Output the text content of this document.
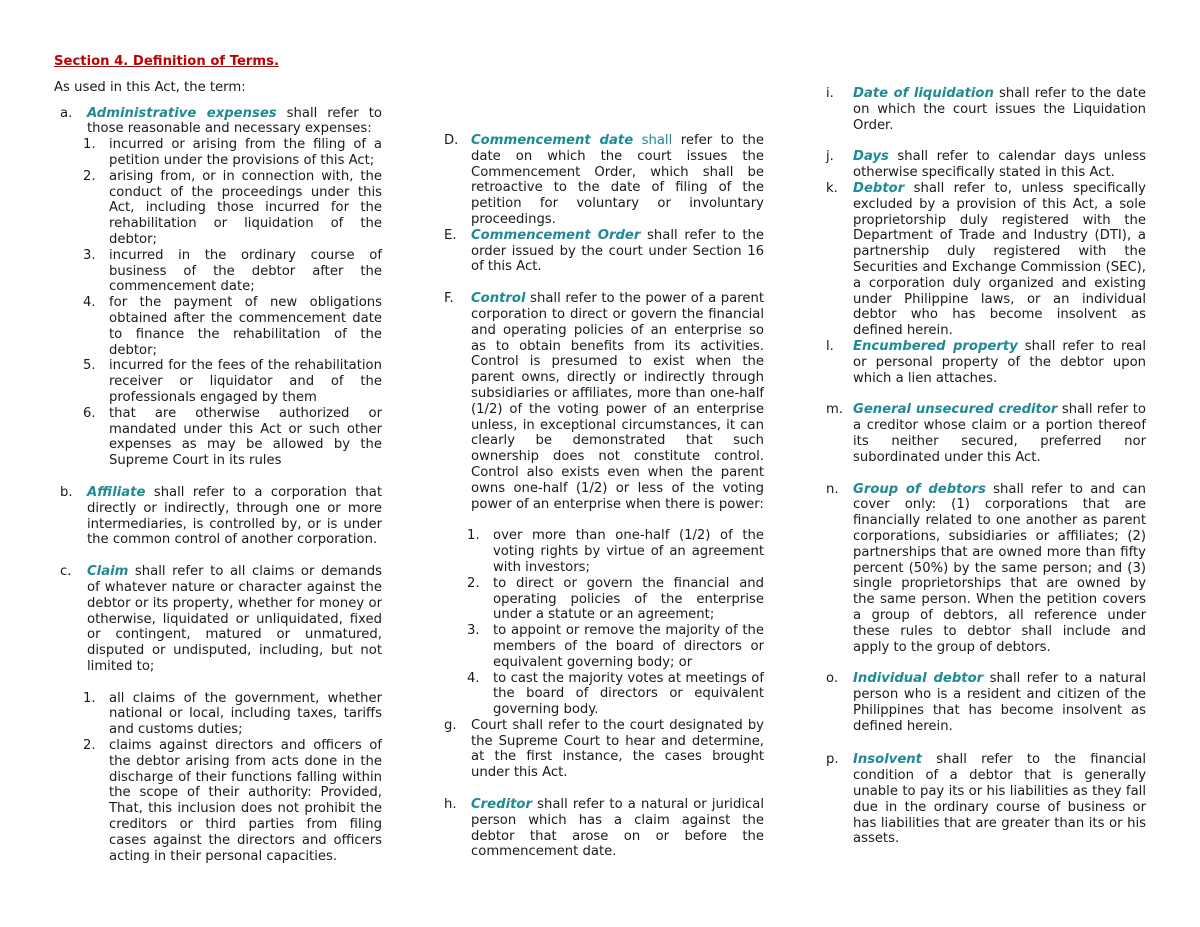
Section 4. Definition of Terms.

As used in this Act, the term:

a. Administrative expenses shall refer to those reasonable and necessary expenses:
1. incurred or arising from the filing of a petition under the provisions of this Act;
2. arising from, or in connection with, the conduct of the proceedings under this Act, including those incurred for the rehabilitation or liquidation of the debtor;
3. incurred in the ordinary course of business of the debtor after the commencement date;
4. for the payment of new obligations obtained after the commencement date to finance the rehabilitation of the debtor;
5. incurred for the fees of the rehabilitation receiver or liquidator and of the professionals engaged by them
6. that are otherwise authorized or mandated under this Act or such other expenses as may be allowed by the Supreme Court in its rules
b. Affiliate shall refer to a corporation that directly or indirectly, through one or more intermediaries, is controlled by, or is under the common control of another corporation.
c. Claim shall refer to all claims or demands of whatever nature or character against the debtor or its property, whether for money or otherwise, liquidated or unliquidated, fixed or contingent, matured or unmatured, disputed or undisputed, including, but not limited to;
1. all claims of the government, whether national or local, including taxes, tariffs and customs duties;
2. claims against directors and officers of the debtor arising from acts done in the discharge of their functions falling within the scope of their authority: Provided, That, this inclusion does not prohibit the creditors or third parties from filing cases against the directors and officers acting in their personal capacities.
D. Commencement date shall refer to the date on which the court issues the Commencement Order, which shall be retroactive to the date of filing of the petition for voluntary or involuntary proceedings.
E. Commencement Order shall refer to the order issued by the court under Section 16 of this Act.
F. Control shall refer to the power of a parent corporation to direct or govern the financial and operating policies of an enterprise so as to obtain benefits from its activities. Control is presumed to exist when the parent owns, directly or indirectly through subsidiaries or affiliates, more than one-half (1/2) of the voting power of an enterprise unless, in exceptional circumstances, it can clearly be demonstrated that such ownership does not constitute control. Control also exists even when the parent owns one-half (1/2) or less of the voting power of an enterprise when there is power:
1. over more than one-half (1/2) of the voting rights by virtue of an agreement with investors;
2. to direct or govern the financial and operating policies of the enterprise under a statute or an agreement;
3. to appoint or remove the majority of the members of the board of directors or equivalent governing body; or
4. to cast the majority votes at meetings of the board of directors or equivalent governing body.
g. Court shall refer to the court designated by the Supreme Court to hear and determine, at the first instance, the cases brought under this Act.
h. Creditor shall refer to a natural or juridical person which has a claim against the debtor that arose on or before the commencement date.
i. Date of liquidation shall refer to the date on which the court issues the Liquidation Order.
j. Days shall refer to calendar days unless otherwise specifically stated in this Act.
k. Debtor shall refer to, unless specifically excluded by a provision of this Act, a sole proprietorship duly registered with the Department of Trade and Industry (DTI), a partnership duly registered with the Securities and Exchange Commission (SEC), a corporation duly organized and existing under Philippine laws, or an individual debtor who has become insolvent as defined herein.
l. Encumbered property shall refer to real or personal property of the debtor upon which a lien attaches.
m. General unsecured creditor shall refer to a creditor whose claim or a portion thereof its neither secured, preferred nor subordinated under this Act.
n. Group of debtors shall refer to and can cover only: (1) corporations that are financially related to one another as parent corporations, subsidiaries or affiliates; (2) partnerships that are owned more than fifty percent (50%) by the same person; and (3) single proprietorships that are owned by the same person. When the petition covers a group of debtors, all reference under these rules to debtor shall include and apply to the group of debtors.
o. Individual debtor shall refer to a natural person who is a resident and citizen of the Philippines that has become insolvent as defined herein.
p. Insolvent shall refer to the financial condition of a debtor that is generally unable to pay its or his liabilities as they fall due in the ordinary course of business or has liabilities that are greater than its or his assets.
